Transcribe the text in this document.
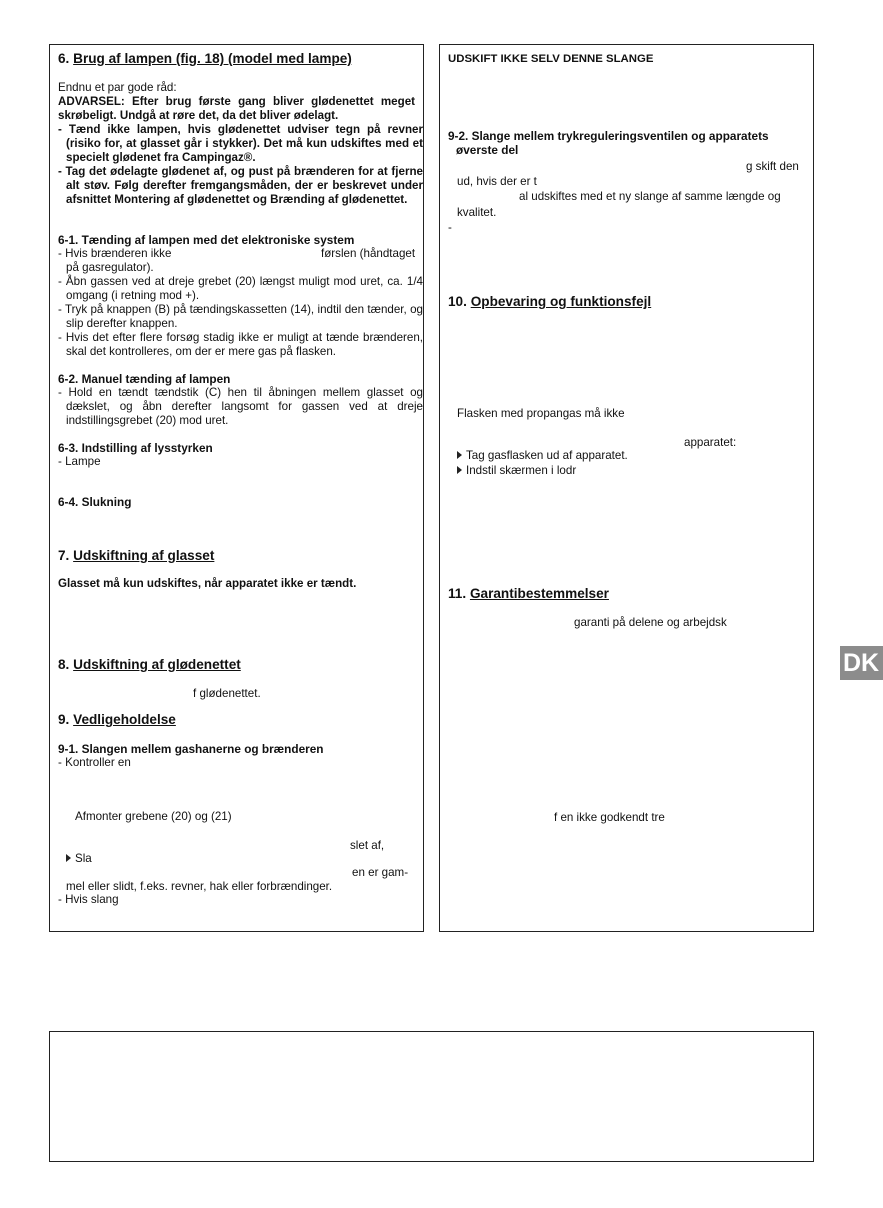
6. Brug af lampen (fig. 18) (model med lampe)
Endnu et par gode råd:
ADVARSEL: Efter brug første gang bliver glødenettet meget skrøbeligt. Undgå at røre det, da det bliver ødelagt.
- Tænd ikke lampen, hvis glødenettet udviser tegn på revner (risiko for, at glasset går i stykker). Det må kun udskiftes med et specielt glødenet fra Campingaz®.
- Tag det ødelagte glødenet af, og pust på brænderen for at fjerne alt støv. Følg derefter fremgangsmåden, der er beskrevet under afsnittet Montering af glødenettet og Brænding af glødenettet.
6-1. Tænding af lampen med det elektroniske system
- Hvis brænderen ikke	førslen (håndtaget
på gasregulator).
- Åbn gassen ved at dreje grebet (20) længst muligt mod uret, ca. 1/4 omgang (i retning mod +).
- Tryk på knappen (B) på tændingskassetten (14), indtil den tænder, og slip derefter knappen.
- Hvis det efter flere forsøg stadig ikke er muligt at tænde brænderen, skal det kontrolleres, om der er mere gas på flasken.
6-2. Manuel tænding af lampen
- Hold en tændt tændstik (C) hen til åbningen mellem glasset og dækslet, og åbn derefter langsomt for gassen ved at dreje indstillingsgrebet (20) mod uret.
6-3. Indstilling af lysstyrken
- Lampe
6-4. Slukning
7. Udskiftning af glasset
Glasset må kun udskiftes, når apparatet ikke er tændt.
8. Udskiftning af glødenettet
f glødenettet.
9. Vedligeholdelse
9-1. Slangen mellem gashanerne og brænderen
- Kontroller en
Afmonter grebene (20) og (21)
slet af,
Sla
en er gam-
mel eller slidt, f.eks. revner, hak eller forbrændinger.
- Hvis slang
UDSKIFT IKKE SELV DENNE SLANGE
9-2. Slange mellem trykreguleringsventilen og apparatets øverste del
g skift den
ud, hvis der er t
al udskiftes med et ny slange af samme længde og
kvalitet.
-
10. Opbevaring og funktionsfejl
Flasken med propangas må ikke
apparatet:
Tag gasflasken ud af apparatet.
Indstil skærmen i lodr
11. Garantibestemmelser
garanti på delene og arbejdsk
f en ikke godkendt tre
DK
